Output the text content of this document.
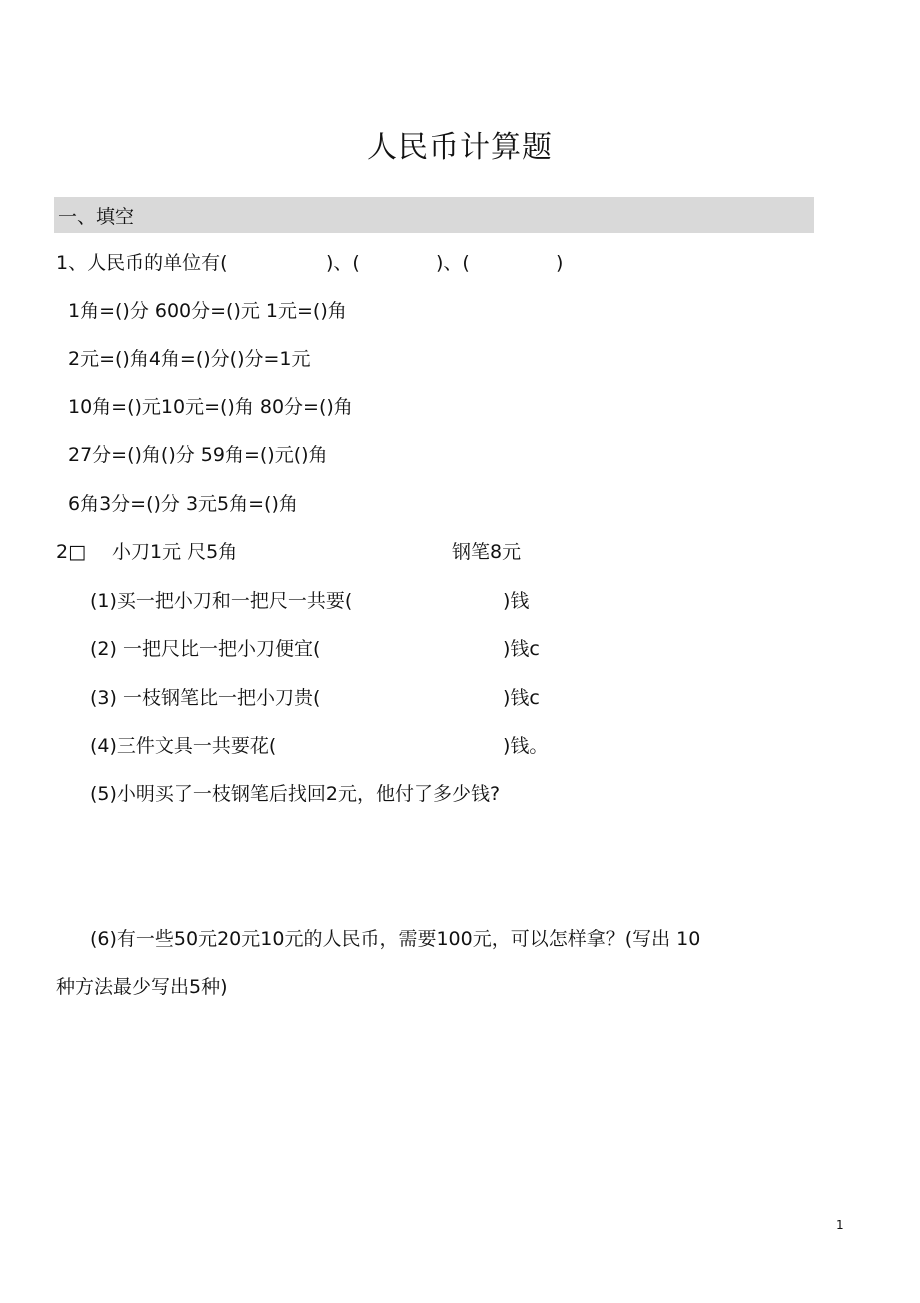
人民币计算题
一、填空
1、人民币的单位有(	)、(	)、(	)
1角=()分 600分=()元 1元=()角
2元=()角4角=()分()分=1元
10角=()元10元=()角 80分=()角
27分=()角()分 59角=()元()角
6角3分=()分 3元5角=()角
2□ 小刀1元 尺5角	钢笔8元
(1)买一把小刀和一把尺一共要(	)钱
(2) 一把尺比一把小刀便宜(	)钱c
(3) 一枝钢笔比一把小刀贵(	)钱c
(4)三件文具一共要花(	)钱。
(5)小明买了一枝钢笔后找回2元，他付了多少钱?
(6)有一些50元20元10元的人民币，需要100元，可以怎样拿？(写出 10
种方法最少写出5种)
1
